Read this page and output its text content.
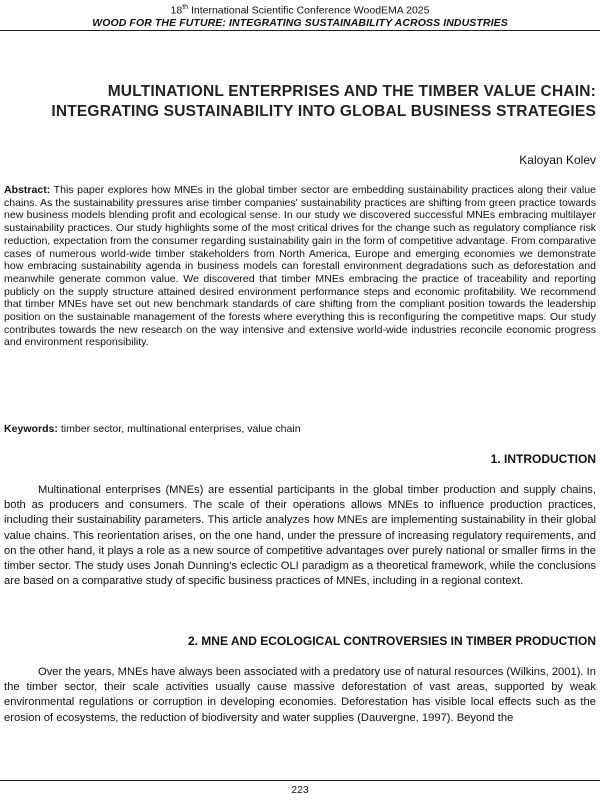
18th International Scientific Conference WoodEMA 2025
WOOD FOR THE FUTURE: INTEGRATING SUSTAINABILITY ACROSS INDUSTRIES
MULTINATIONL ENTERPRISES AND THE TIMBER VALUE CHAIN: INTEGRATING SUSTAINABILITY INTO GLOBAL BUSINESS STRATEGIES
Kaloyan Kolev

Abstract: This paper explores how MNEs in the global timber sector are embedding sustainability practices along their value chains. As the sustainability pressures arise timber companies' sustainability practices are shifting from green practice towards new business models blending profit and ecological sense. In our study we discovered successful MNEs embracing multilayer sustainability practices. Our study highlights some of the most critical drives for the change such as regulatory compliance risk reduction, expectation from the consumer regarding sustainability gain in the form of competitive advantage. From comparative cases of numerous world-wide timber stakeholders from North America, Europe and emerging economies we demonstrate how embracing sustainability agenda in business models can forestall environment degradations such as deforestation and meanwhile generate common value. We discovered that timber MNEs embracing the practice of traceability and reporting publicly on the supply structure attained desired environment performance steps and economic profitability. We recommend that timber MNEs have set out new benchmark standards of care shifting from the compliant position towards the leadership position on the sustainable management of the forests where everything this is reconfiguring the competitive maps. Our study contributes towards the new research on the way intensive and extensive world-wide industries reconcile economic progress and environment responsibility.

Keywords: timber sector, multinational enterprises, value chain

1. INTRODUCTION

Multinational enterprises (MNEs) are essential participants in the global timber production and supply chains, both as producers and consumers. The scale of their operations allows MNEs to influence production practices, including their sustainability parameters. This article analyzes how MNEs are implementing sustainability in their global value chains. This reorientation arises, on the one hand, under the pressure of increasing regulatory requirements, and on the other hand, it plays a role as a new source of competitive advantages over purely national or smaller firms in the timber sector. The study uses Jonah Dunning's eclectic OLI paradigm as a theoretical framework, while the conclusions are based on a comparative study of specific business practices of MNEs, including in a regional context.

2. MNE AND ECOLOGICAL CONTROVERSIES IN TIMBER PRODUCTION

Over the years, MNEs have always been associated with a predatory use of natural resources (Wilkins, 2001). In the timber sector, their scale activities usually cause massive deforestation of vast areas, supported by weak environmental regulations or corruption in developing economies. Deforestation has visible local effects such as the erosion of ecosystems, the reduction of biodiversity and water supplies (Dauvergne, 1997). Beyond the

223
